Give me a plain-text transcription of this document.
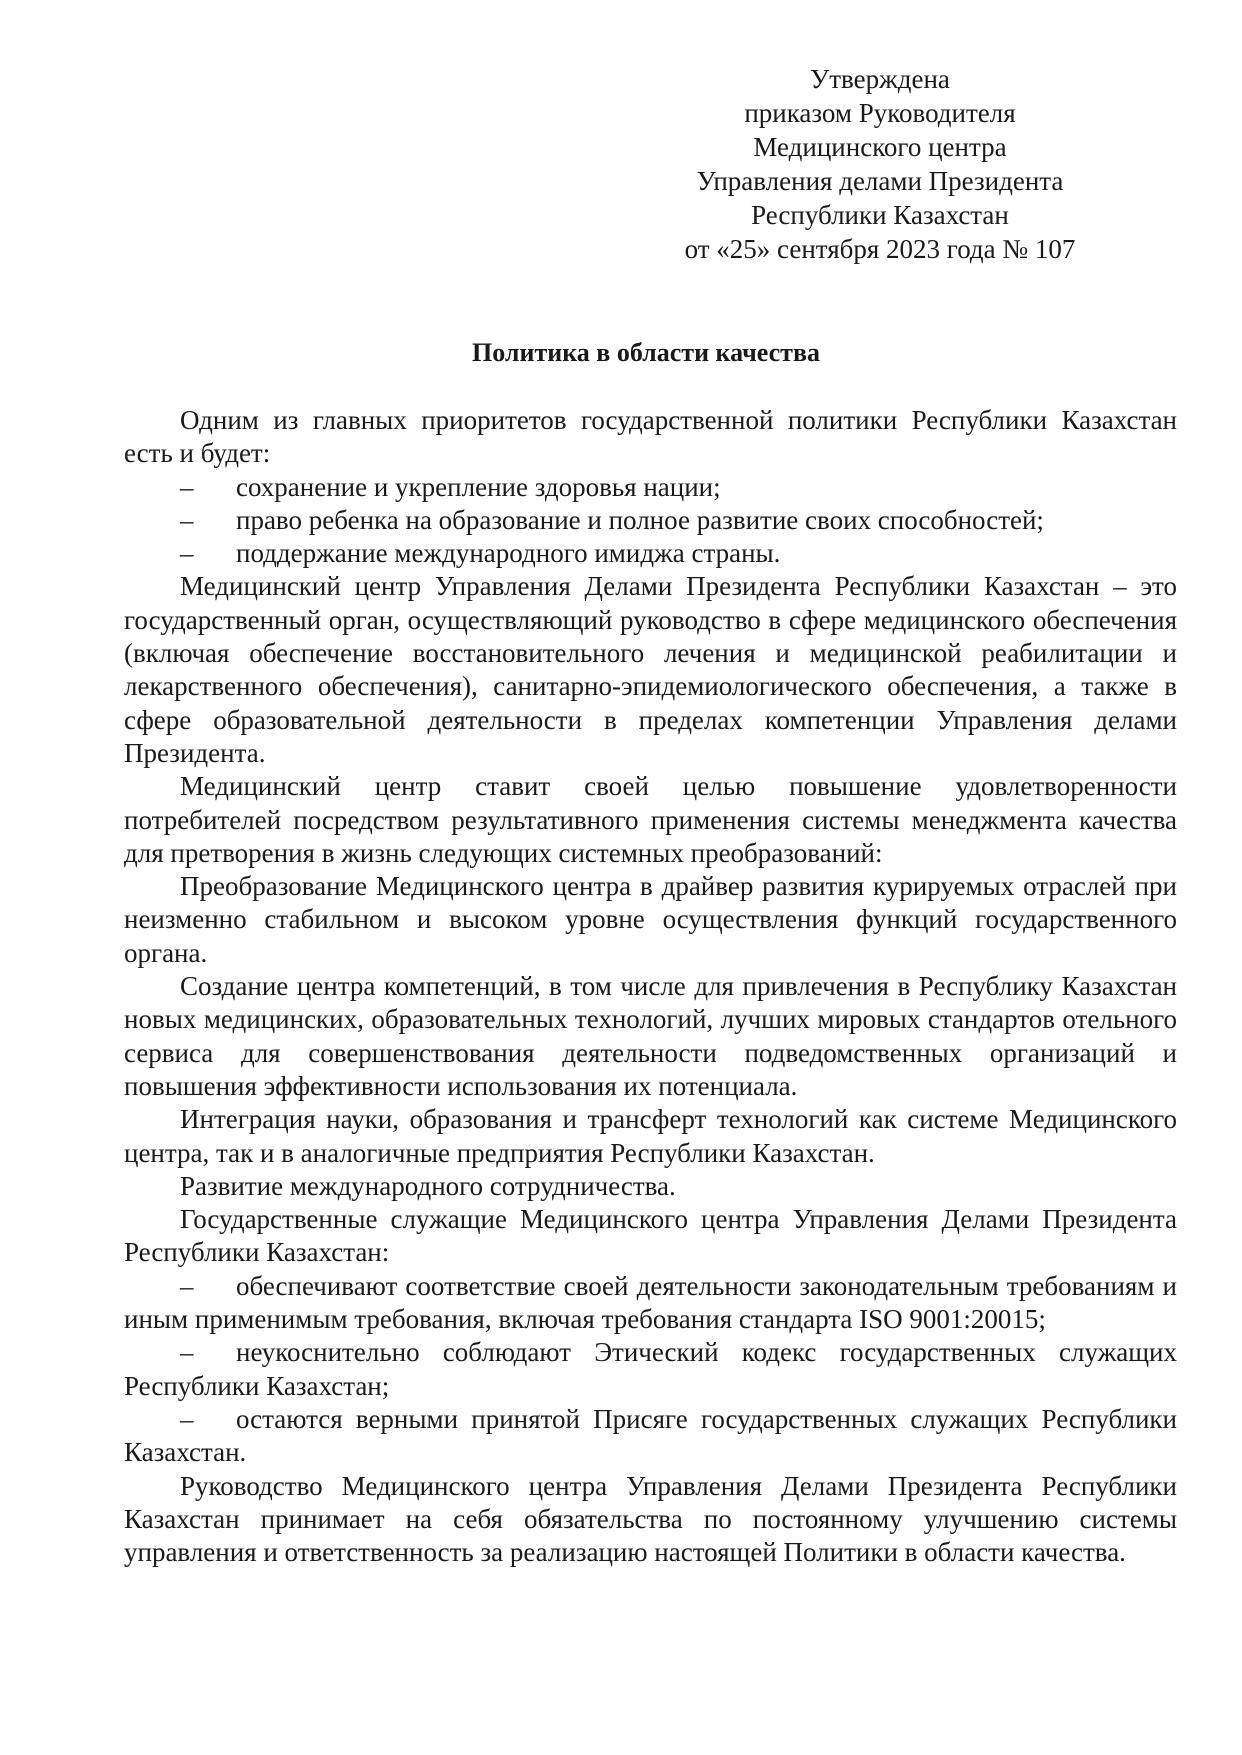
Утверждена
приказом Руководителя
Медицинского центра
Управления делами Президента
Республики Казахстан
от «25» сентября 2023 года № 107
Политика в области качества

Одним из главных приоритетов государственной политики Республики Казахстан есть и будет:

– сохранение и укрепление здоровья нации;

– право ребенка на образование и полное развитие своих способностей;

– поддержание международного имиджа страны.

Медицинский центр Управления Делами Президента Республики Казахстан – это государственный орган, осуществляющий руководство в сфере медицинского обеспечения (включая обеспечение восстановительного лечения и медицинской реабилитации и лекарственного обеспечения), санитарно-эпидемиологического обеспечения, а также в сфере образовательной деятельности в пределах компетенции Управления делами Президента.

Медицинский центр ставит своей целью повышение удовлетворенности потребителей посредством результативного применения системы менеджмента качества для претворения в жизнь следующих системных преобразований:

Преобразование Медицинского центра в драйвер развития курируемых отраслей при неизменно стабильном и высоком уровне осуществления функций государственного органа.

Создание центра компетенций, в том числе для привлечения в Республику Казахстан новых медицинских, образовательных технологий, лучших мировых стандартов отельного сервиса для совершенствования деятельности подведомственных организаций и повышения эффективности использования их потенциала.

Интеграция науки, образования и трансферт технологий как системе Медицинского центра, так и в аналогичные предприятия Республики Казахстан.

Развитие международного сотрудничества.

Государственные служащие Медицинского центра Управления Делами Президента Республики Казахстан:

– обеспечивают соответствие своей деятельности законодательным требованиям и иным применимым требования, включая требования стандарта ISO 9001:20015;

– неукоснительно соблюдают Этический кодекс государственных служащих Республики Казахстан;

– остаются верными принятой Присяге государственных служащих Республики Казахстан.

Руководство Медицинского центра Управления Делами Президента Республики Казахстан принимает на себя обязательства по постоянному улучшению системы управления и ответственность за реализацию настоящей Политики в области качества.
